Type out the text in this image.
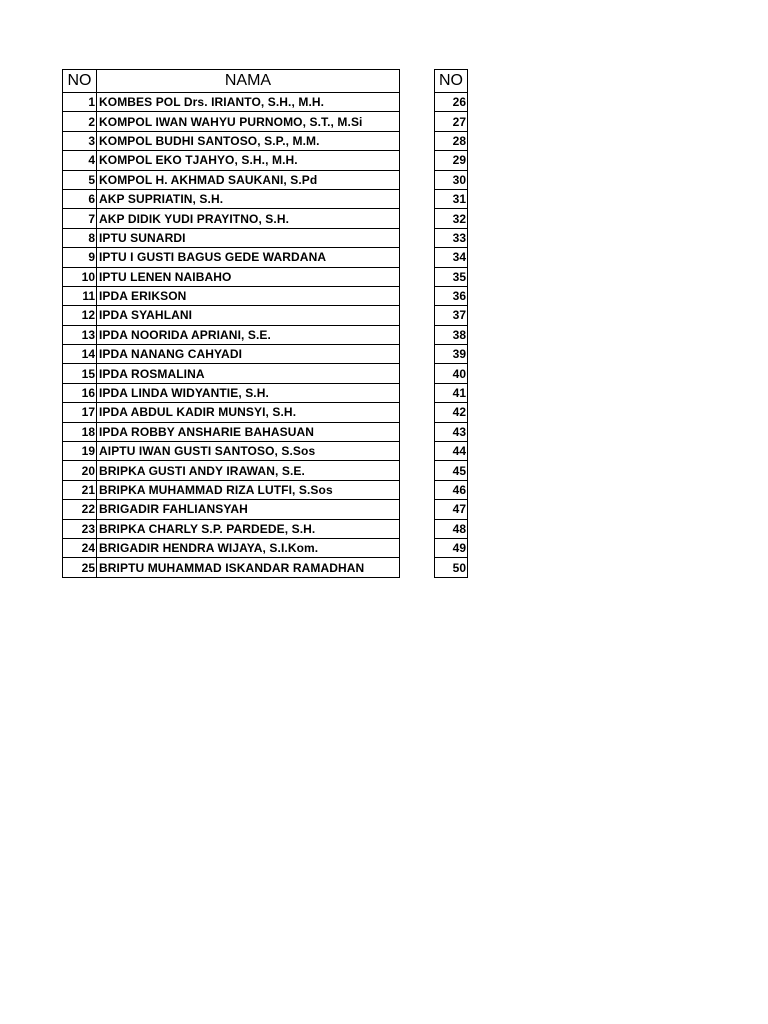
NO	NAMA
1	KOMBES POL Drs. IRIANTO, S.H., M.H.
2	KOMPOL IWAN WAHYU PURNOMO, S.T., M.Si
3	KOMPOL BUDHI SANTOSO, S.P., M.M.
4	KOMPOL EKO TJAHYO, S.H., M.H.
5	KOMPOL H. AKHMAD SAUKANI, S.Pd
6	AKP SUPRIATIN, S.H.
7	AKP DIDIK YUDI PRAYITNO, S.H.
8	IPTU SUNARDI
9	IPTU I GUSTI BAGUS GEDE WARDANA
10	IPTU LENEN NAIBAHO
11	IPDA ERIKSON
12	IPDA SYAHLANI
13	IPDA NOORIDA APRIANI, S.E.
14	IPDA NANANG CAHYADI
15	IPDA ROSMALINA
16	IPDA LINDA WIDYANTIE, S.H.
17	IPDA ABDUL KADIR MUNSYI, S.H.
18	IPDA ROBBY ANSHARIE BAHASUAN
19	AIPTU IWAN GUSTI SANTOSO, S.Sos
20	BRIPKA GUSTI ANDY IRAWAN, S.E.
21	BRIPKA MUHAMMAD RIZA LUTFI, S.Sos
22	BRIGADIR FAHLIANSYAH
23	BRIPKA CHARLY S.P. PARDEDE, S.H.
24	BRIGADIR HENDRA WIJAYA, S.I.Kom.
25	BRIPTU MUHAMMAD ISKANDAR RAMADHAN
NO
26
27
28
29
30
31
32
33
34
35
36
37
38
39
40
41
42
43
44
45
46
47
48
49
50
